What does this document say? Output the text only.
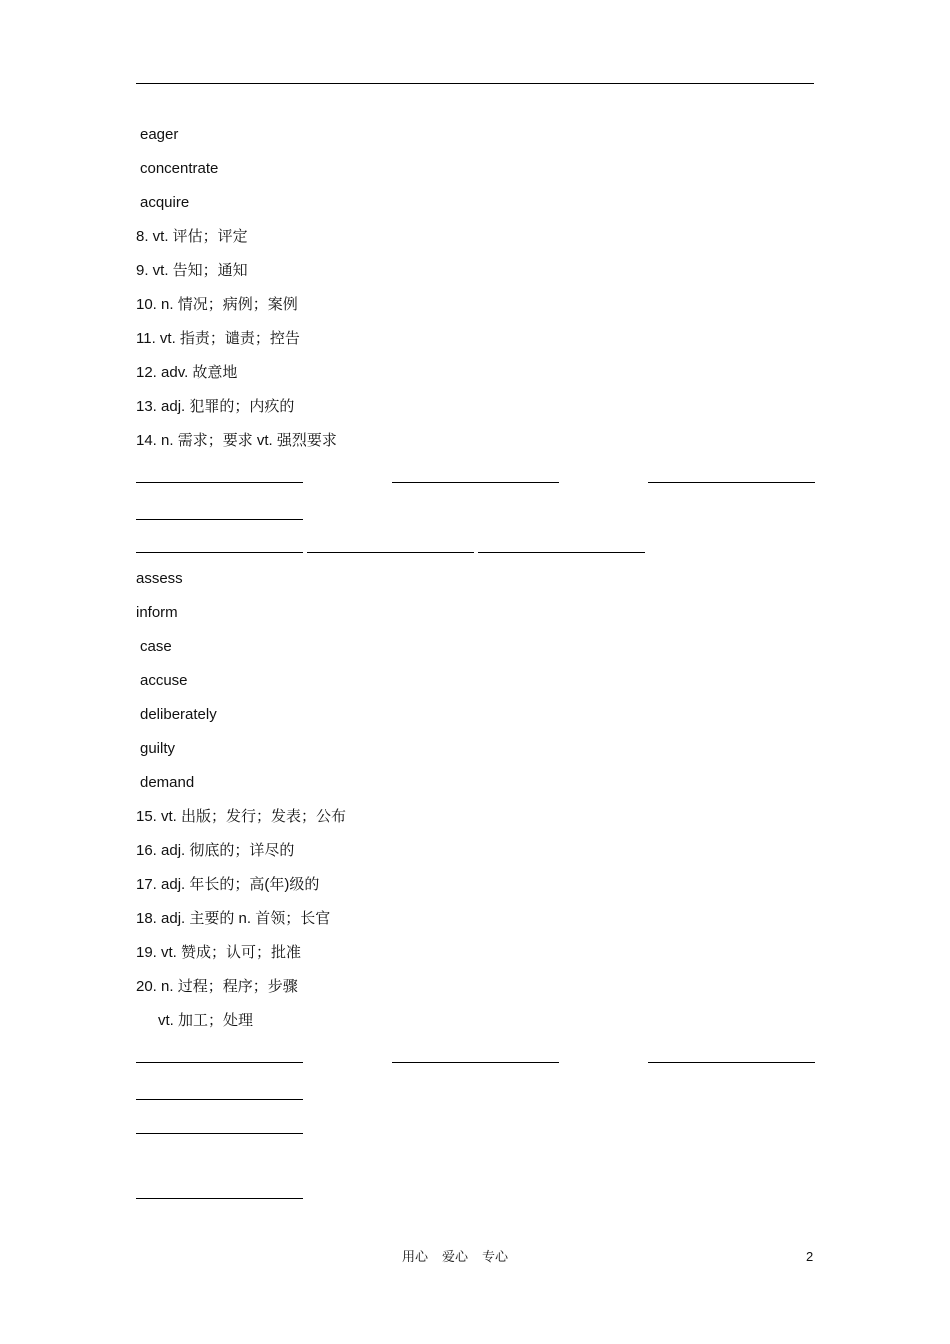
eager
concentrate
acquire
8. vt. 评估；评定
9. vt. 告知；通知
10. n. 情况；病例；案例
11. vt. 指责；谴责；控告
12. adv. 故意地
13. adj. 犯罪的；内疚的
14. n. 需求；要求 vt. 强烈要求
assess
inform
case
accuse
deliberately
guilty
demand
15. vt. 出版；发行；发表；公布
16. adj. 彻底的；详尽的
17. adj. 年长的；高(年)级的
18. adj. 主要的 n. 首领；长官
19. vt. 赞成；认可；批准
20. n. 过程；程序；步骤
vt. 加工；处理
用心 爱心 专心	2
